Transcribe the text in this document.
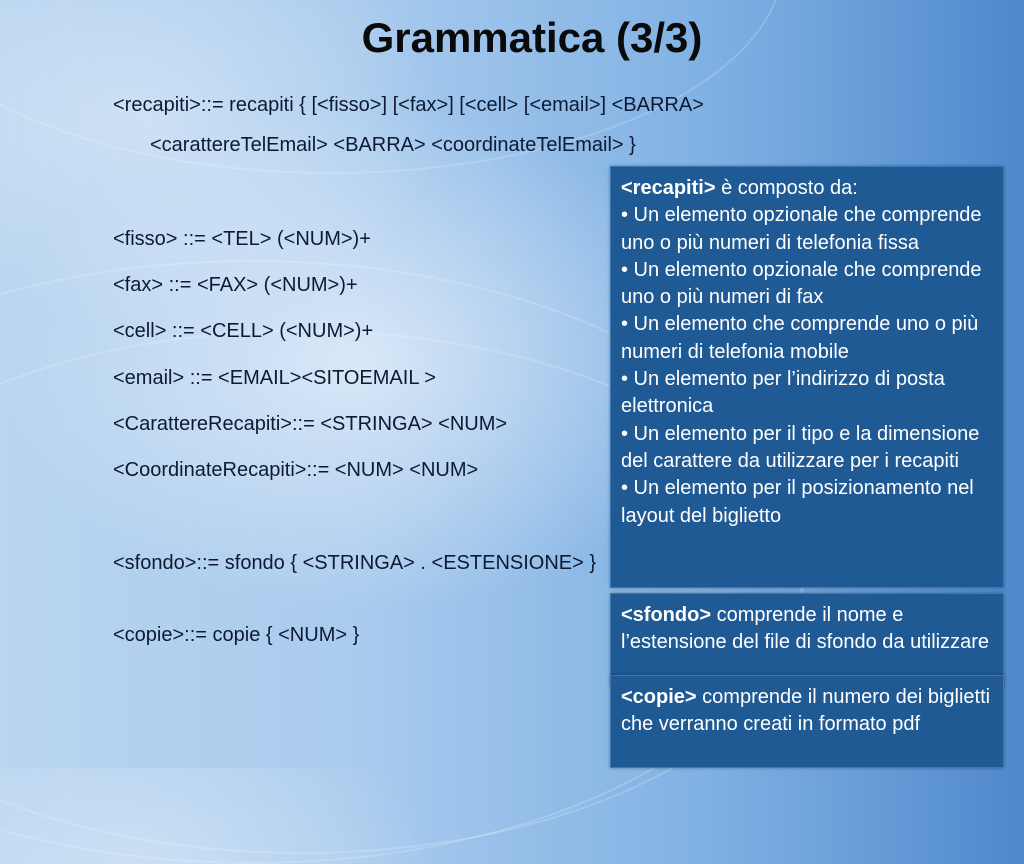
Grammatica (3/3)
<recapiti>::= recapiti { [<fisso>] [<fax>] [<cell> [<email>] <BARRA>
<carattereTelEmail> <BARRA> <coordinateTelEmail> }
<fisso> ::= <TEL> (<NUM>)+
<fax> ::= <FAX> (<NUM>)+
<cell> ::= <CELL> (<NUM>)+
<email> ::= <EMAIL><SITOEMAIL >
<CarattereRecapiti>::= <STRINGA> <NUM>
<CoordinateRecapiti>::= <NUM> <NUM>
<sfondo>::= sfondo { <STRINGA> . <ESTENSIONE> }
<copie>::= copie { <NUM> }
<recapiti> è composto da:
• Un elemento opzionale che comprende uno o più numeri di telefonia fissa
• Un elemento opzionale che comprende uno o più numeri di fax
• Un elemento che comprende uno o più numeri di telefonia mobile
• Un elemento per l’indirizzo di posta elettronica
• Un elemento per il tipo e la dimensione del carattere da utilizzare per i recapiti
• Un elemento per il posizionamento nel layout del biglietto
<sfondo> comprende il nome e l’estensione del file di sfondo da utilizzare
<copie> comprende il numero dei biglietti che verranno creati in formato pdf
